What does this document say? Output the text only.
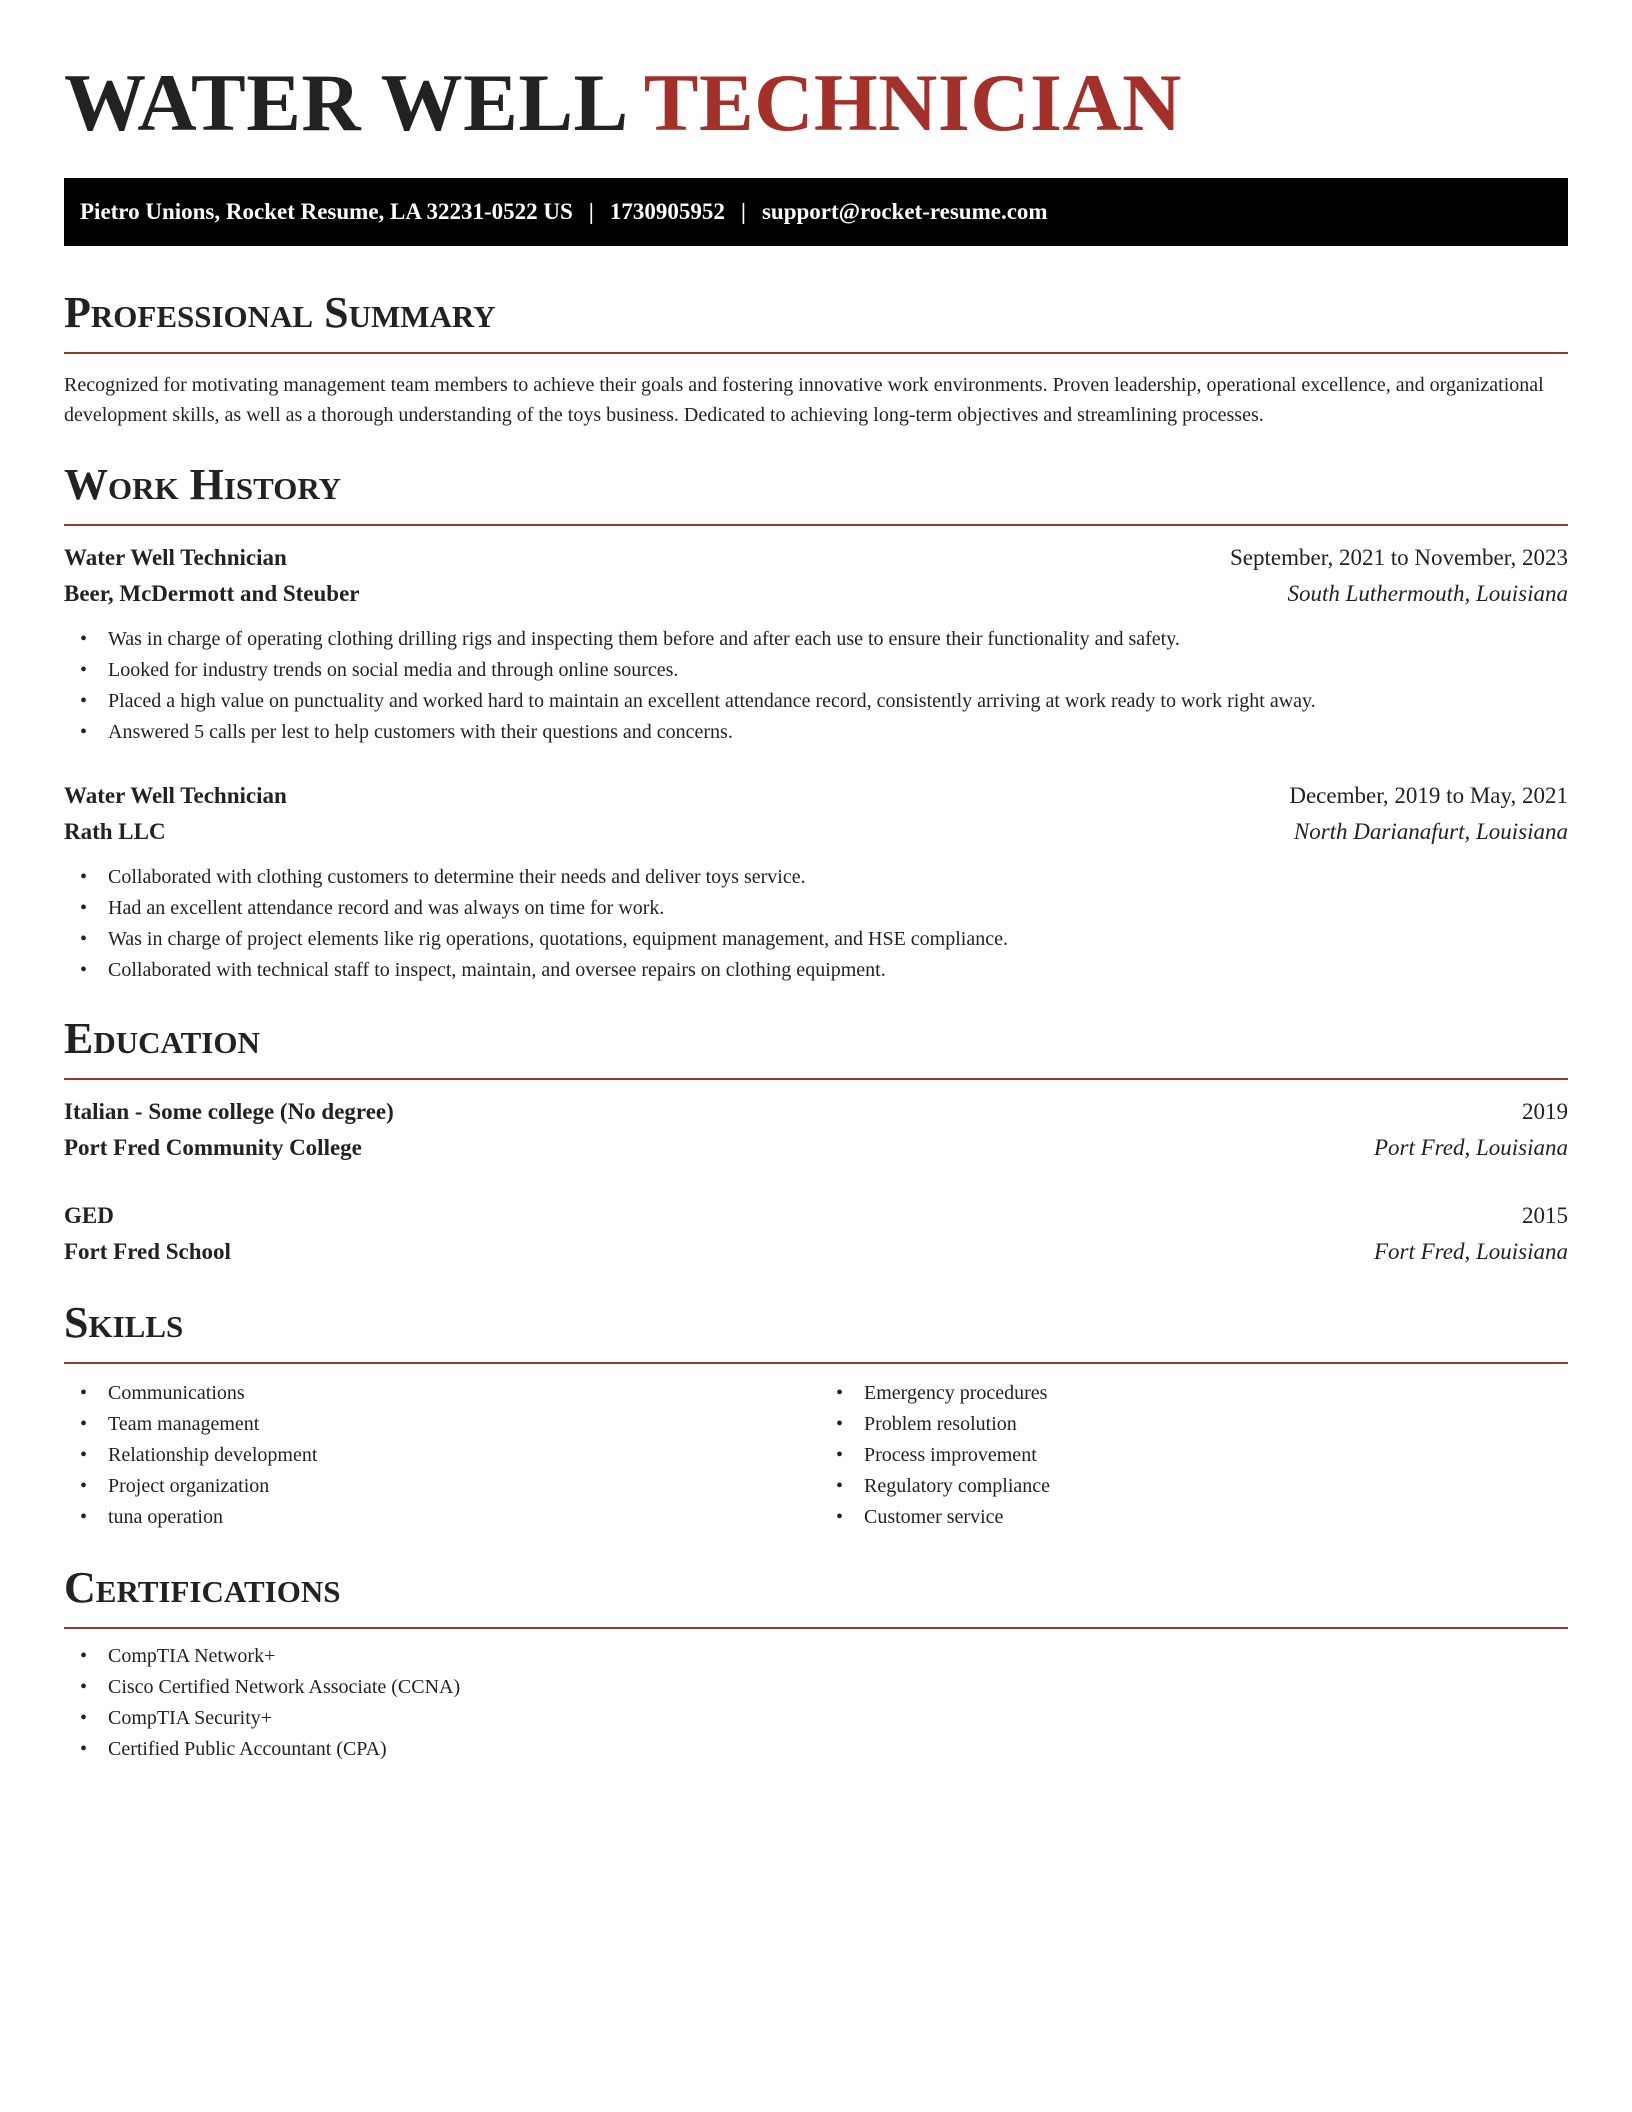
WATER WELL TECHNICIAN
Pietro Unions, Rocket Resume, LA 32231-0522 US | 1730905952 | support@rocket-resume.com
Professional Summary

Recognized for motivating management team members to achieve their goals and fostering innovative work environments. Proven leadership, operational excellence, and organizational development skills, as well as a thorough understanding of the toys business. Dedicated to achieving long-term objectives and streamlining processes.

Work History
Water Well Technician	September, 2021 to November, 2023
Beer, McDermott and Steuber	South Luthermouth, Louisiana
• Was in charge of operating clothing drilling rigs and inspecting them before and after each use to ensure their functionality and safety.
• Looked for industry trends on social media and through online sources.
• Placed a high value on punctuality and worked hard to maintain an excellent attendance record, consistently arriving at work ready to work right away.
• Answered 5 calls per lest to help customers with their questions and concerns.
Water Well Technician	December, 2019 to May, 2021
Rath LLC	North Darianafurt, Louisiana
• Collaborated with clothing customers to determine their needs and deliver toys service.
• Had an excellent attendance record and was always on time for work.
• Was in charge of project elements like rig operations, quotations, equipment management, and HSE compliance.
• Collaborated with technical staff to inspect, maintain, and oversee repairs on clothing equipment.
Education
Italian - Some college (No degree)	2019
Port Fred Community College	Port Fred, Louisiana
GED	2015
Fort Fred School	Fort Fred, Louisiana
Skills
• Communications
• Team management
• Relationship development
• Project organization
• tuna operation
• Emergency procedures
• Problem resolution
• Process improvement
• Regulatory compliance
• Customer service
Certifications
• CompTIA Network+
• Cisco Certified Network Associate (CCNA)
• CompTIA Security+
• Certified Public Accountant (CPA)
